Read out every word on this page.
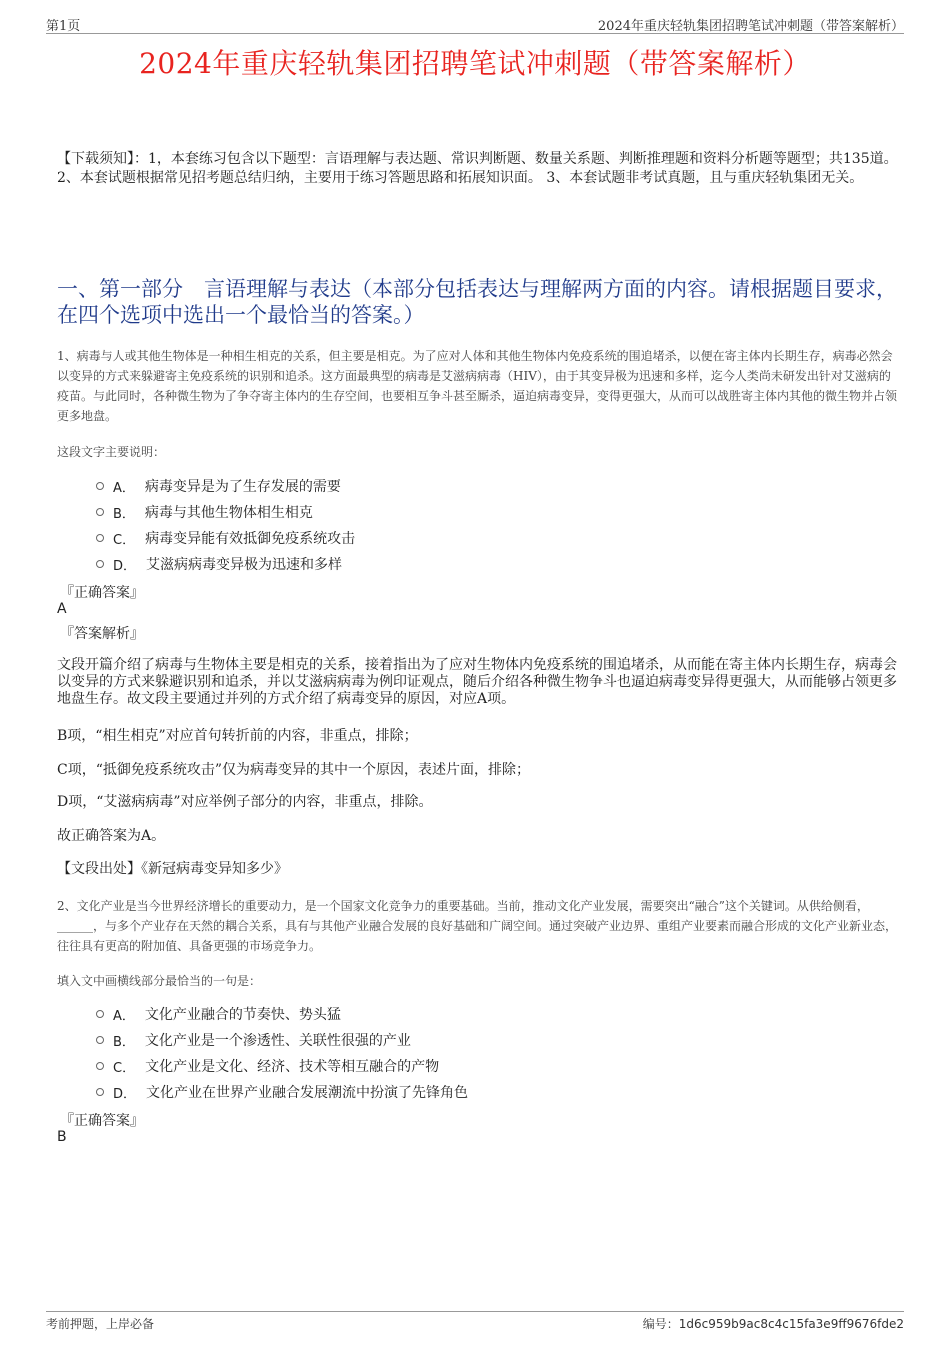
第1页	2024年重庆轻轨集团招聘笔试冲刺题（带答案解析）
2024年重庆轻轨集团招聘笔试冲刺题（带答案解析）
【下载须知】：1，本套练习包含以下题型：言语理解与表达题、常识判断题、数量关系题、判断推理题和资料分析题等题型；共135道。 2、本套试题根据常见招考题总结归纳，主要用于练习答题思路和拓展知识面。 3、本套试题非考试真题，且与重庆轻轨集团无关。
一、第一部分　言语理解与表达（本部分包括表达与理解两方面的内容。请根据题目要求，在四个选项中选出一个最恰当的答案。）
1、病毒与人或其他生物体是一种相生相克的关系，但主要是相克。为了应对人体和其他生物体内免疫系统的围追堵杀，以便在寄主体内长期生存，病毒必然会以变异的方式来躲避寄主免疫系统的识别和追杀。这方面最典型的病毒是艾滋病病毒（HIV），由于其变异极为迅速和多样，迄今人类尚未研发出针对艾滋病的疫苗。与此同时，各种微生物为了争夺寄主体内的生存空间，也要相互争斗甚至厮杀，逼迫病毒变异，变得更强大，从而可以战胜寄主体内其他的微生物并占领更多地盘。
这段文字主要说明：
A． 病毒变异是为了生存发展的需要
B． 病毒与其他生物体相生相克
C． 病毒变异能有效抵御免疫系统攻击
D． 艾滋病病毒变异极为迅速和多样
『正确答案』
A
『答案解析』
文段开篇介绍了病毒与生物体主要是相克的关系，接着指出为了应对生物体内免疫系统的围追堵杀，从而能在寄主体内长期生存，病毒会以变异的方式来躲避识别和追杀，并以艾滋病病毒为例印证观点，随后介绍各种微生物争斗也逼迫病毒变异得更强大，从而能够占领更多地盘生存。故文段主要通过并列的方式介绍了病毒变异的原因，对应A项。
B项，“相生相克”对应首句转折前的内容，非重点，排除；
C项，“抵御免疫系统攻击”仅为病毒变异的其中一个原因，表述片面，排除；
D项，“艾滋病病毒”对应举例子部分的内容，非重点，排除。
故正确答案为A。
【文段出处】《新冠病毒变异知多少》
2、文化产业是当今世界经济增长的重要动力，是一个国家文化竞争力的重要基础。当前，推动文化产业发展，需要突出“融合”这个关键词。从供给侧看，______，与多个产业存在天然的耦合关系，具有与其他产业融合发展的良好基础和广阔空间。通过突破产业边界、重组产业要素而融合形成的文化产业新业态，往往具有更高的附加值、具备更强的市场竞争力。
填入文中画横线部分最恰当的一句是：
A． 文化产业融合的节奏快、势头猛
B． 文化产业是一个渗透性、关联性很强的产业
C． 文化产业是文化、经济、技术等相互融合的产物
D． 文化产业在世界产业融合发展潮流中扮演了先锋角色
『正确答案』
B
考前押题，上岸必备	编号：1d6c959b9ac8c4c15fa3e9ff9676fde2
